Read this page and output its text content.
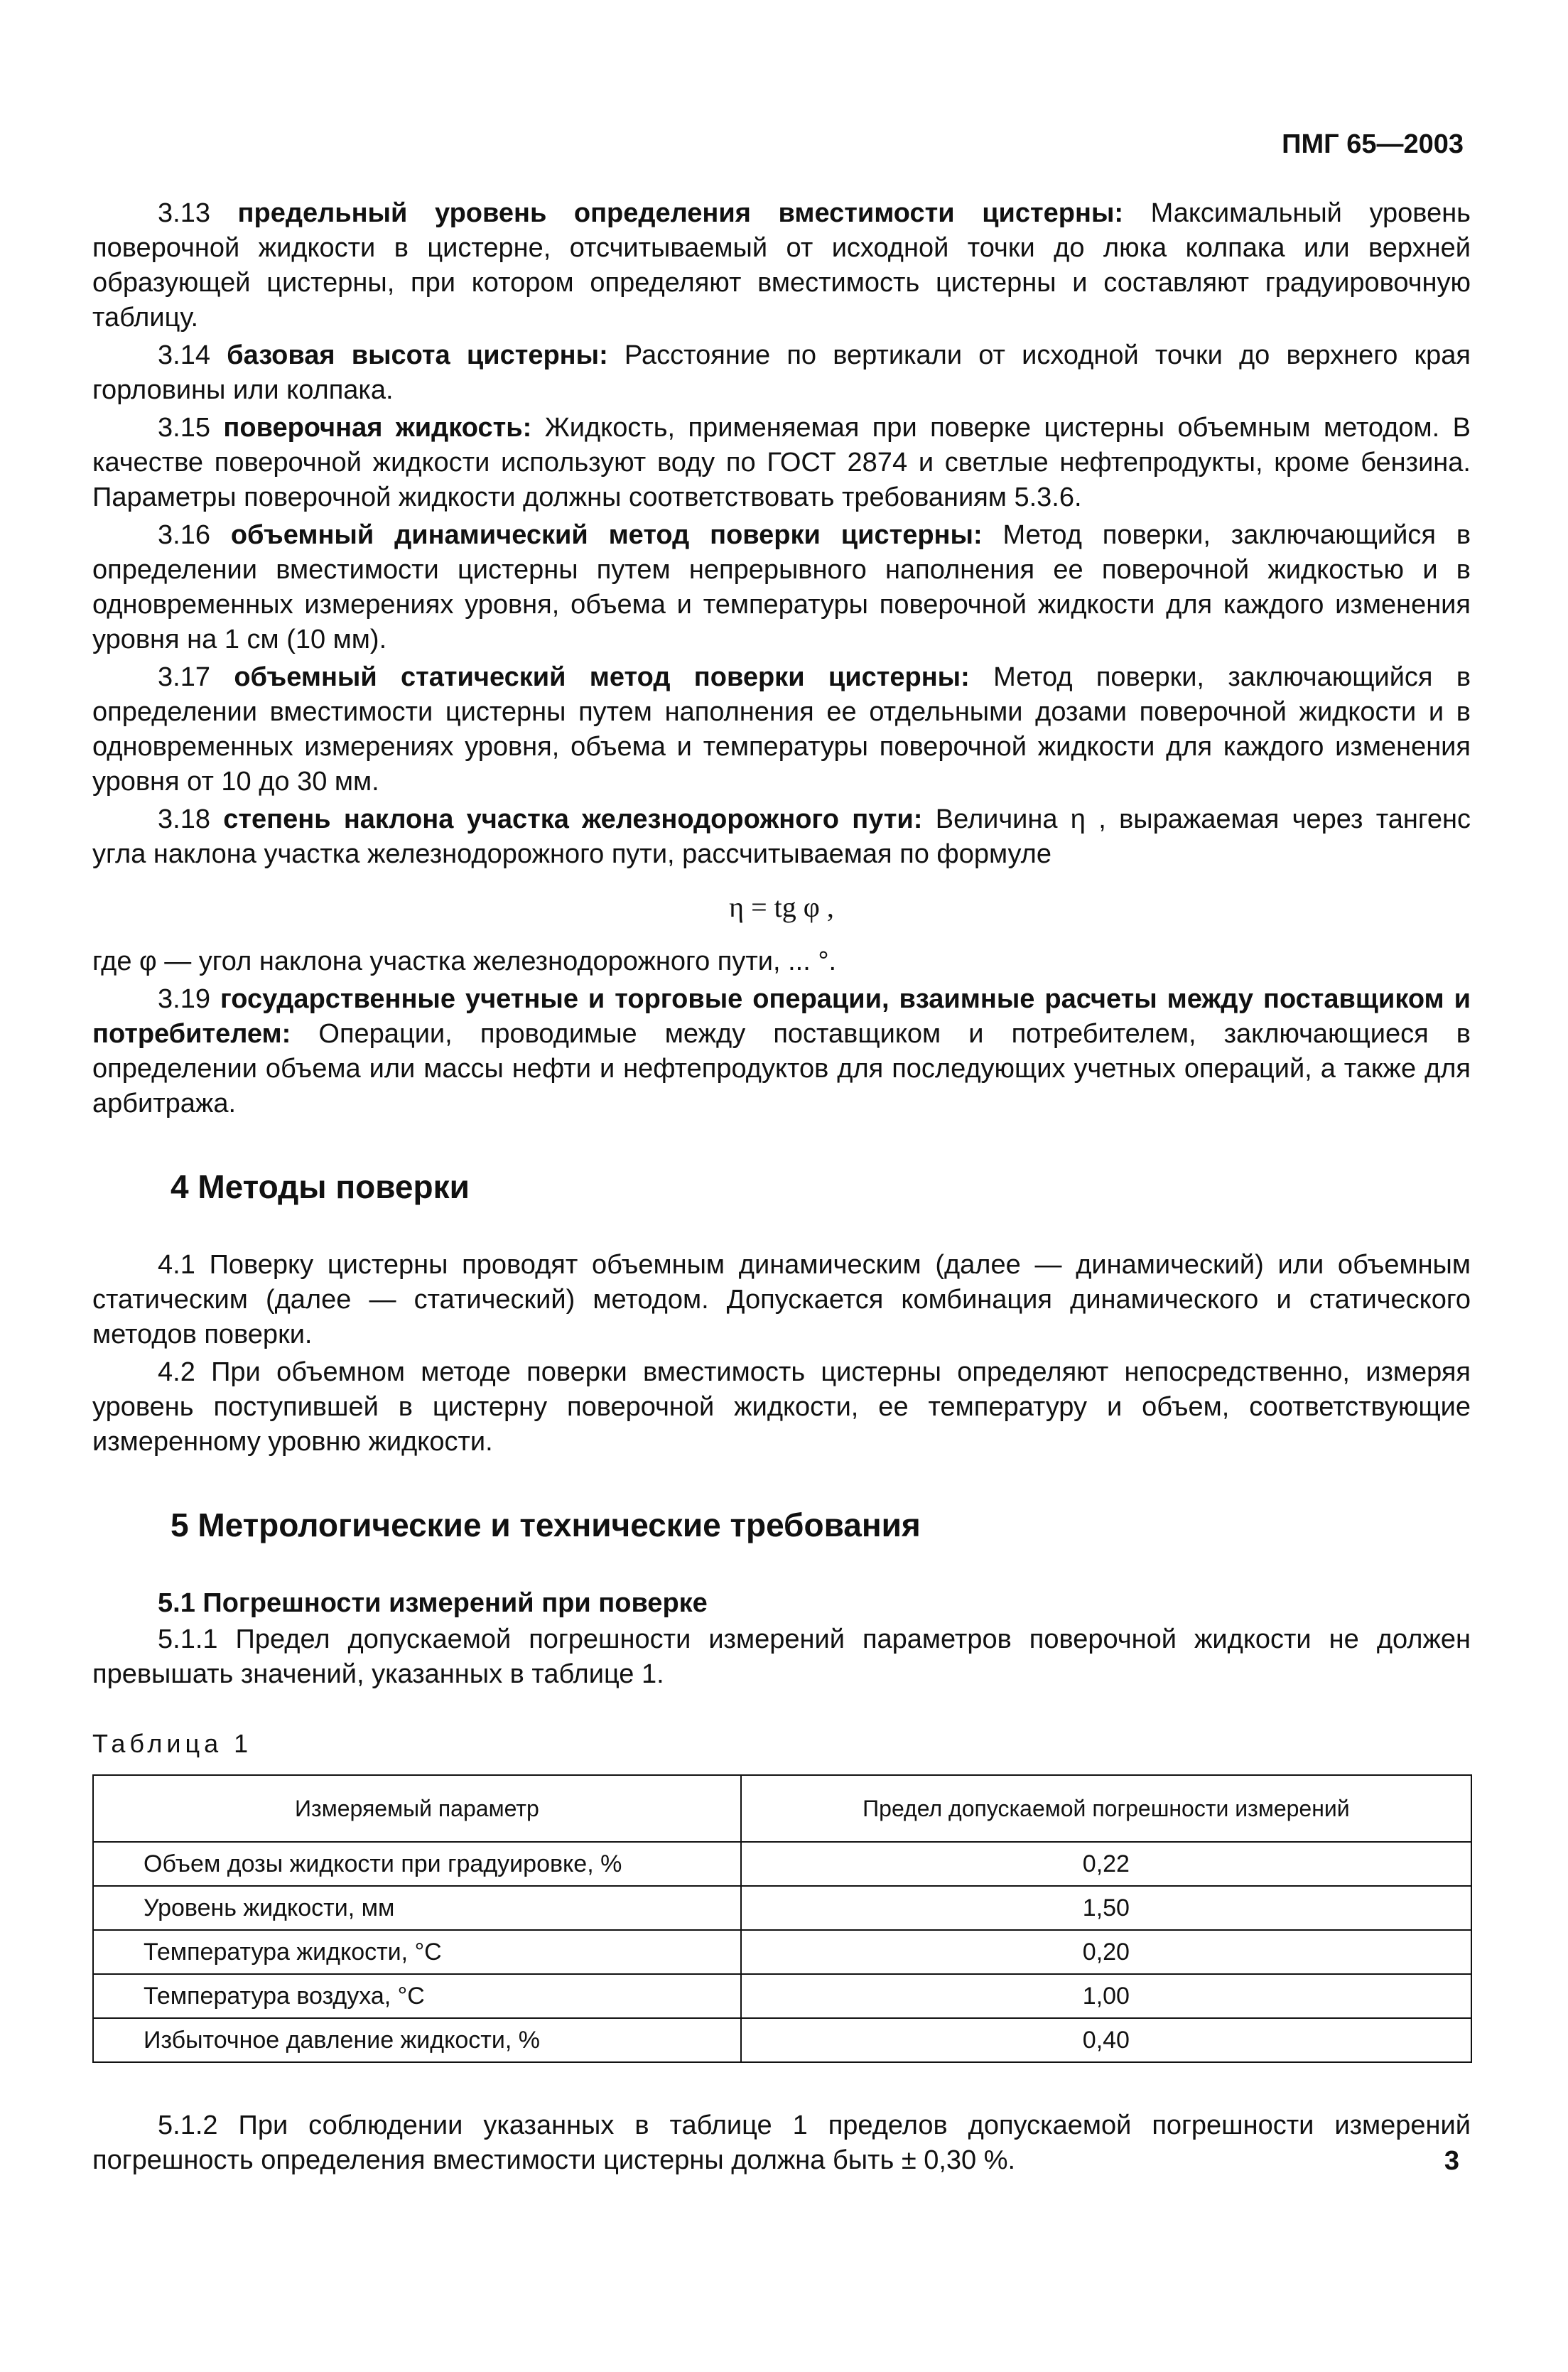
ПМГ 65—2003

3.13 предельный уровень определения вместимости цистерны: Максимальный уровень поверочной жидкости в цистерне, отсчитываемый от исходной точки до люка колпака или верхней образующей цистерны, при котором определяют вместимость цистерны и составляют градуировочную таблицу.

3.14 базовая высота цистерны: Расстояние по вертикали от исходной точки до верхнего края горловины или колпака.

3.15 поверочная жидкость: Жидкость, применяемая при поверке цистерны объемным методом. В качестве поверочной жидкости используют воду по ГОСТ 2874 и светлые нефтепродукты, кроме бензина. Параметры поверочной жидкости должны соответствовать требованиям 5.3.6.

3.16 объемный динамический метод поверки цистерны: Метод поверки, заключающийся в определении вместимости цистерны путем непрерывного наполнения ее поверочной жидкостью и в одновременных измерениях уровня, объема и температуры поверочной жидкости для каждого изменения уровня на 1 см (10 мм).

3.17 объемный статический метод поверки цистерны: Метод поверки, заключающийся в определении вместимости цистерны путем наполнения ее отдельными дозами поверочной жидкости и в одновременных измерениях уровня, объема и температуры поверочной жидкости для каждого изменения уровня от 10 до 30 мм.

3.18 степень наклона участка железнодорожного пути: Величина η , выражаемая через тангенс угла наклона участка железнодорожного пути, рассчитываемая по формуле

η = tg φ ,

где φ — угол наклона участка железнодорожного пути, ... °.

3.19 государственные учетные и торговые операции, взаимные расчеты между поставщиком и потребителем: Операции, проводимые между поставщиком и потребителем, заключающиеся в определении объема или массы нефти и нефтепродуктов для последующих учетных операций, а также для арбитража.

4 Методы поверки

4.1 Поверку цистерны проводят объемным динамическим (далее — динамический) или объемным статическим (далее — статический) методом. Допускается комбинация динамического и статического методов поверки.

4.2 При объемном методе поверки вместимость цистерны определяют непосредственно, измеряя уровень поступившей в цистерну поверочной жидкости, ее температуру и объем, соответствующие измеренному уровню жидкости.

5 Метрологические и технические требования
5.1 Погрешности измерений при поверке

5.1.1 Предел допускаемой погрешности измерений параметров поверочной жидкости не должен превышать значений, указанных в таблице 1.

Таблица 1
Измеряемый параметр	Предел допускаемой погрешности измерений
Объем дозы жидкости при градуировке, %	0,22
Уровень жидкости, мм	1,50
Температура жидкости, °С	0,20
Температура воздуха, °С	1,00
Избыточное давление жидкости, %	0,40

5.1.2 При соблюдении указанных в таблице 1 пределов допускаемой погрешности измерений погрешность определения вместимости цистерны должна быть ± 0,30 %.	3
